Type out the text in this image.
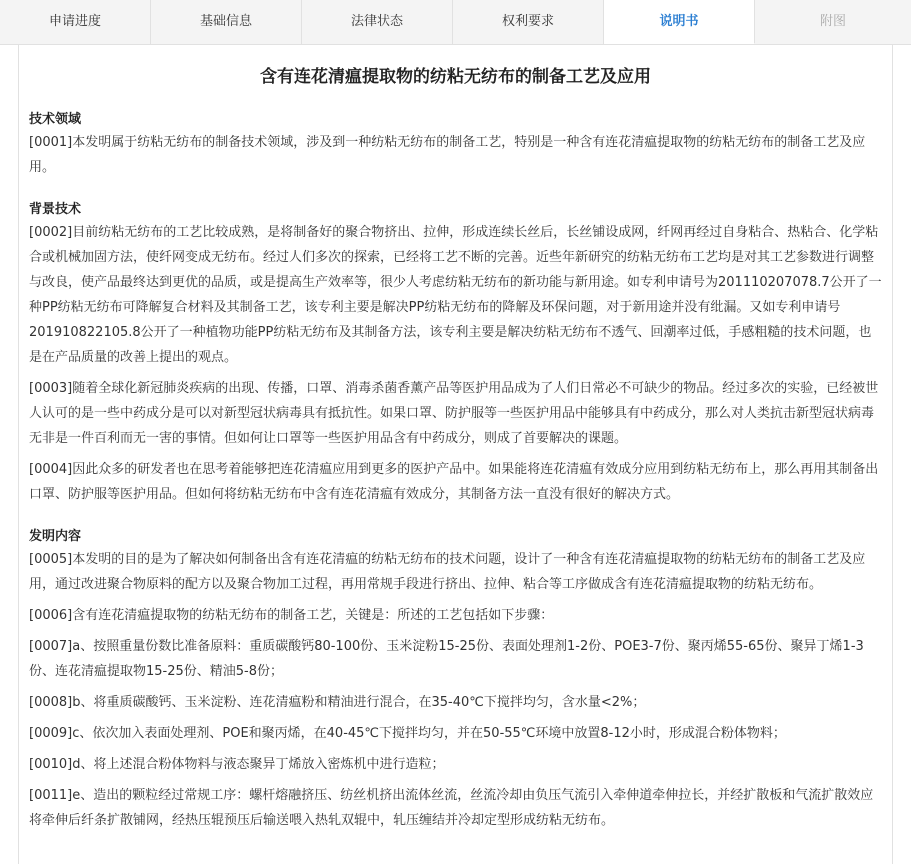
申请进度	基础信息	法律状态	权利要求	说明书	附图
含有连花清瘟提取物的纺粘无纺布的制备工艺及应用
技术领域

[0001]本发明属于纺粘无纺布的制备技术领域，涉及到一种纺粘无纺布的制备工艺，特别是一种含有连花清瘟提取物的纺粘无纺布的制备工艺及应用。

背景技术

[0002]目前纺粘无纺布的工艺比较成熟，是将制备好的聚合物挤出、拉伸，形成连续长丝后，长丝铺设成网，纤网再经过自身粘合、热粘合、化学粘合或机械加固方法，使纤网变成无纺布。经过人们多次的探索，已经将工艺不断的完善。近些年新研究的纺粘无纺布工艺均是对其工艺参数进行调整与改良，使产品最终达到更优的品质，或是提高生产效率等，很少人考虑纺粘无纺布的新功能与新用途。如专利申请号为201110207078.7公开了一种PP纺粘无纺布可降解复合材料及其制备工艺，该专利主要是解决PP纺粘无纺布的降解及环保问题，对于新用途并没有纰漏。又如专利申请号201910822105.8公开了一种植物功能PP纺粘无纺布及其制备方法，该专利主要是解决纺粘无纺布不透气、回潮率过低，手感粗糙的技术问题，也是在产品质量的改善上提出的观点。

[0003]随着全球化新冠肺炎疾病的出现、传播，口罩、消毒杀菌香薰产品等医护用品成为了人们日常必不可缺少的物品。经过多次的实验，已经被世人认可的是一些中药成分是可以对新型冠状病毒具有抵抗性。如果口罩、防护服等一些医护用品中能够具有中药成分，那么对人类抗击新型冠状病毒无非是一件百利而无一害的事情。但如何让口罩等一些医护用品含有中药成分，则成了首要解决的课题。

[0004]因此众多的研发者也在思考着能够把连花清瘟应用到更多的医护产品中。如果能将连花清瘟有效成分应用到纺粘无纺布上，那么再用其制备出口罩、防护服等医护用品。但如何将纺粘无纺布中含有连花清瘟有效成分，其制备方法一直没有很好的解决方式。

发明内容

[0005]本发明的目的是为了解决如何制备出含有连花清瘟的纺粘无纺布的技术问题，设计了一种含有连花清瘟提取物的纺粘无纺布的制备工艺及应用，通过改进聚合物原料的配方以及聚合物加工过程，再用常规手段进行挤出、拉伸、粘合等工序做成含有连花清瘟提取物的纺粘无纺布。

[0006]含有连花清瘟提取物的纺粘无纺布的制备工艺，关键是：所述的工艺包括如下步骤：

[0007]a、按照重量份数比准备原料：重质碳酸钙80-100份、玉米淀粉15-25份、表面处理剂1-2份、POE3-7份、聚丙烯55-65份、聚异丁烯1-3份、连花清瘟提取物15-25份、精油5-8份；

[0008]b、将重质碳酸钙、玉米淀粉、连花清瘟粉和精油进行混合，在35-40℃下搅拌均匀，含水量<2%；

[0009]c、依次加入表面处理剂、POE和聚丙烯，在40-45℃下搅拌均匀，并在50-55℃环境中放置8-12小时，形成混合粉体物料；

[0010]d、将上述混合粉体物料与液态聚异丁烯放入密炼机中进行造粒；

[0011]e、造出的颗粒经过常规工序：螺杆熔融挤压、纺丝机挤出流体丝流，丝流冷却由负压气流引入牵伸道牵伸拉长，并经扩散板和气流扩散效应将牵伸后纤条扩散铺网，经热压辊预压后输送喂入热轧双辊中，轧压缠结并冷却定型形成纺粘无纺布。
